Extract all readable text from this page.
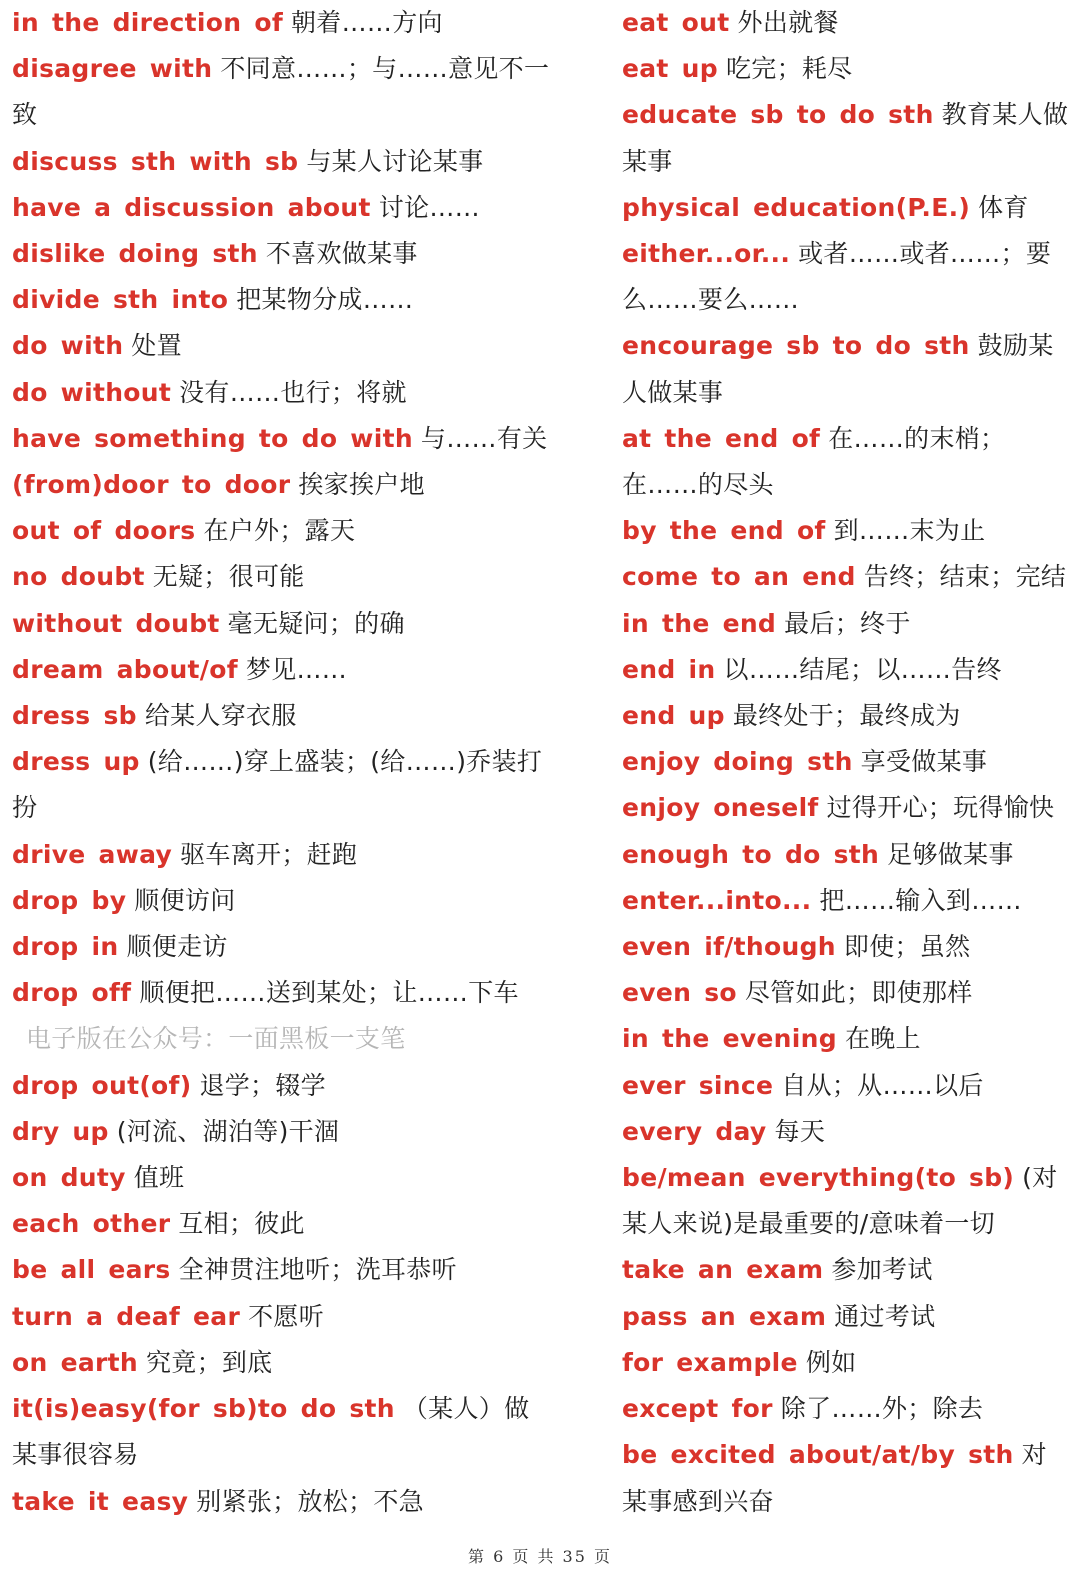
in the direction of 朝着……方向

disagree with 不同意……；与……意见不一致

discuss sth with sb 与某人讨论某事

have a discussion about 讨论……

dislike doing sth 不喜欢做某事

divide sth into 把某物分成……

do with 处置

do without 没有……也行；将就

have something to do with 与……有关

(from)door to door 挨家挨户地

out of doors 在户外；露天

no doubt 无疑；很可能

without doubt 毫无疑问；的确

dream about/of 梦见……

dress sb 给某人穿衣服

dress up (给……)穿上盛装；(给……)乔装打扮

drive away 驱车离开；赶跑

drop by 顺便访问

drop in 顺便走访

drop off 顺便把……送到某处；让……下车电子版在公众号：一面黑板一支笔

drop out(of) 退学；辍学

dry up (河流、湖泊等)干涸

on duty 值班

each other 互相；彼此

be all ears 全神贯注地听；洗耳恭听

turn a deaf ear 不愿听

on earth 究竟；到底

it(is)easy(for sb)to do sth （某人）做某事很容易

take it easy 别紧张；放松；不急

eat out 外出就餐

eat up 吃完；耗尽

educate sb to do sth 教育某人做某事

physical education(P.E.) 体育

either...or... 或者……或者……；要么……要么……

encourage sb to do sth 鼓励某人做某事

at the end of 在……的末梢；在……的尽头

by the end of 到……末为止

come to an end 告终；结束；完结

in the end 最后；终于

end in 以……结尾；以……告终

end up 最终处于；最终成为

enjoy doing sth 享受做某事

enjoy oneself 过得开心；玩得愉快

enough to do sth 足够做某事

enter...into... 把……输入到……

even if/though 即使；虽然

even so 尽管如此；即使那样

in the evening 在晚上

ever since 自从；从……以后

every day 每天

be/mean everything(to sb) (对某人来说)是最重要的/意味着一切

take an exam 参加考试

pass an exam 通过考试

for example 例如

except for 除了……外；除去

be excited about/at/by sth 对某事感到兴奋

第 6 页 共 35 页
